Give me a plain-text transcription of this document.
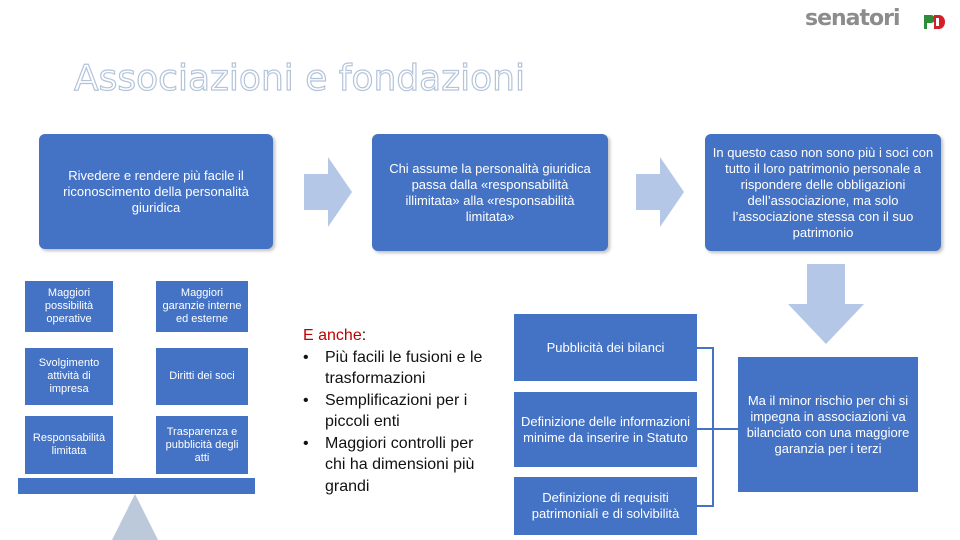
senatori
Associazioni e fondazioni
Rivedere e rendere più facile il riconoscimento della personalità giuridica
Chi assume la personalità giuridica passa dalla «responsabilità illimitata» alla «responsabilità limitata»
In questo caso non sono più i soci con tutto il loro patrimonio personale a rispondere delle obbligazioni dell’associazione, ma solo l’associazione stessa con il suo patrimonio
Maggiori possibilità operative
Maggiori garanzie interne ed esterne
Svolgimento attività di impresa
Diritti dei soci
Responsabilità limitata
Trasparenza e pubblicità degli atti
E anche:
• Più facili le fusioni e le trasformazioni
• Semplificazioni per i piccoli enti
• Maggiori controlli per chi ha dimensioni più grandi
Pubblicità dei bilanci
Definizione delle informazioni minime da inserire in Statuto
Definizione di requisiti patrimoniali e di solvibilità
Ma il minor rischio per chi si impegna in associazioni va bilanciato con una maggiore garanzia per i terzi
